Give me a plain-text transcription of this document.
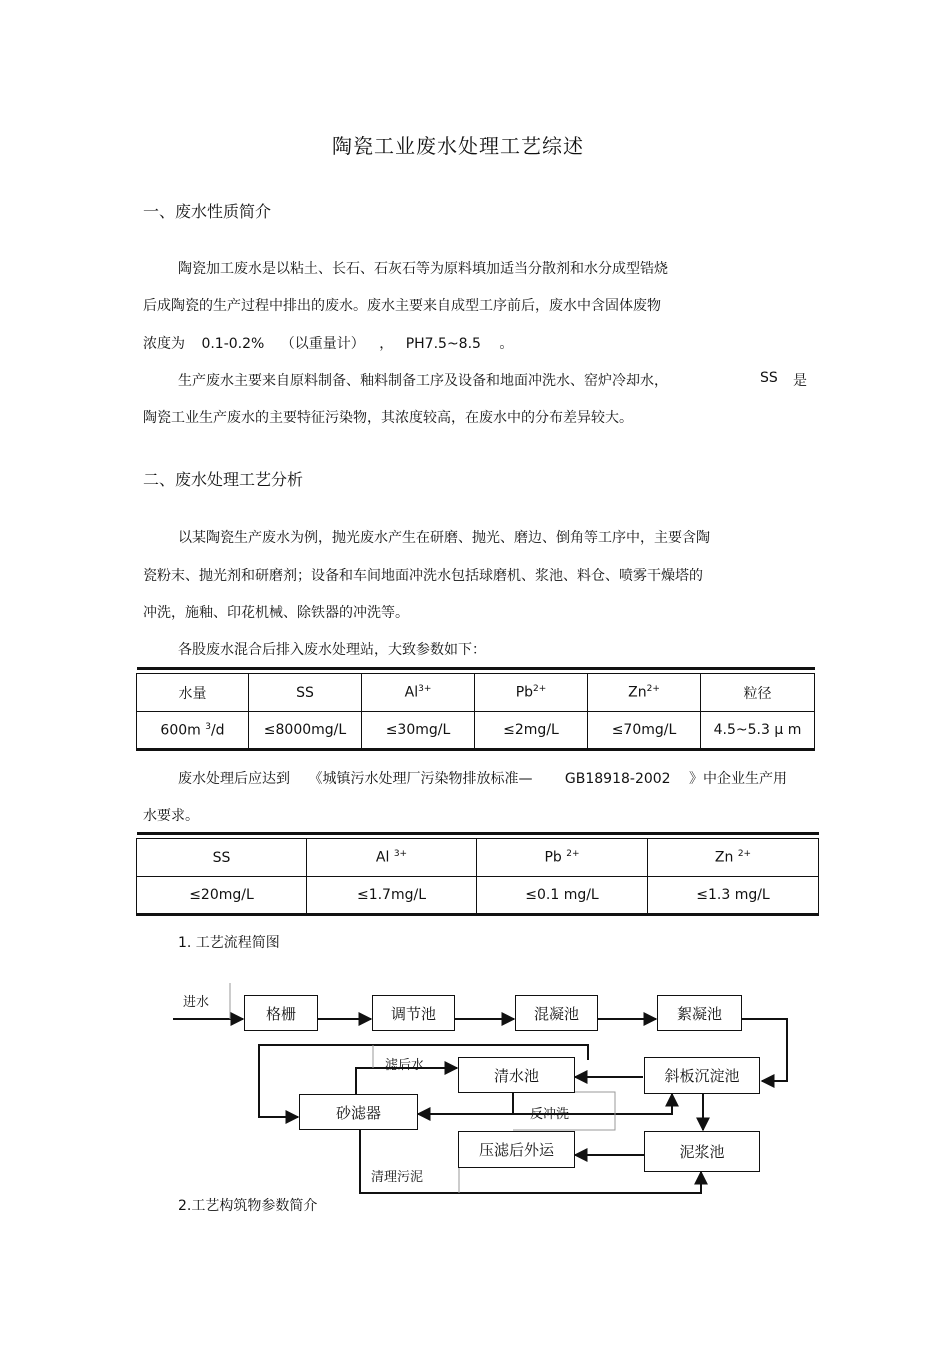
陶瓷工业废水处理工艺综述
一、废水性质简介
陶瓷加工废水是以粘土、长石、石灰石等为原料填加适当分散剂和水分成型锆烧
后成陶瓷的生产过程中排出的废水。废水主要来自成型工序前后，废水中含固体废物
浓度为 0.1-0.2% （以重量计） ， PH7.5~8.5 。
生产废水主要来自原料制备、釉料制备工序及设备和地面冲洗水、窑炉冷却水，	SS 是
陶瓷工业生产废水的主要特征污染物，其浓度较高，在废水中的分布差异较大。
二、废水处理工艺分析
以某陶瓷生产废水为例，抛光废水产生在研磨、抛光、磨边、倒角等工序中，主要含陶
瓷粉末、抛光剂和研磨剂；设备和车间地面冲洗水包括球磨机、浆池、料仓、喷雾干燥塔的
冲洗，施釉、印花机械、除铁器的冲洗等。
各股废水混合后排入废水处理站，大致参数如下：

水量	SS	$Al^{3+}$	$Pb^{2+}$	$Zn^{2+}$	粒径
600m $^3$/d	≤8000mg/L	≤30mg/L	≤2mg/L	≤70mg/L	4.5~5.3 μ m
废水处理后应达到 《城镇污水处理厂污染物排放标准— GB18918-2002 》中企业生产用
水要求。

SS	Al $^{3+}$	Pb $^{2+}$	Zn $^{2+}$
≤20mg/L	≤1.7mg/L	≤0.1 mg/L	≤1.3 mg/L
1. 工艺流程简图
进水
格栅	调节池	混凝池	絮凝池
清水池	斜板沉淀池
砂滤器
压滤后外运	泥浆池
滤后水
反冲洗
清理污泥
2.工艺构筑物参数简介
